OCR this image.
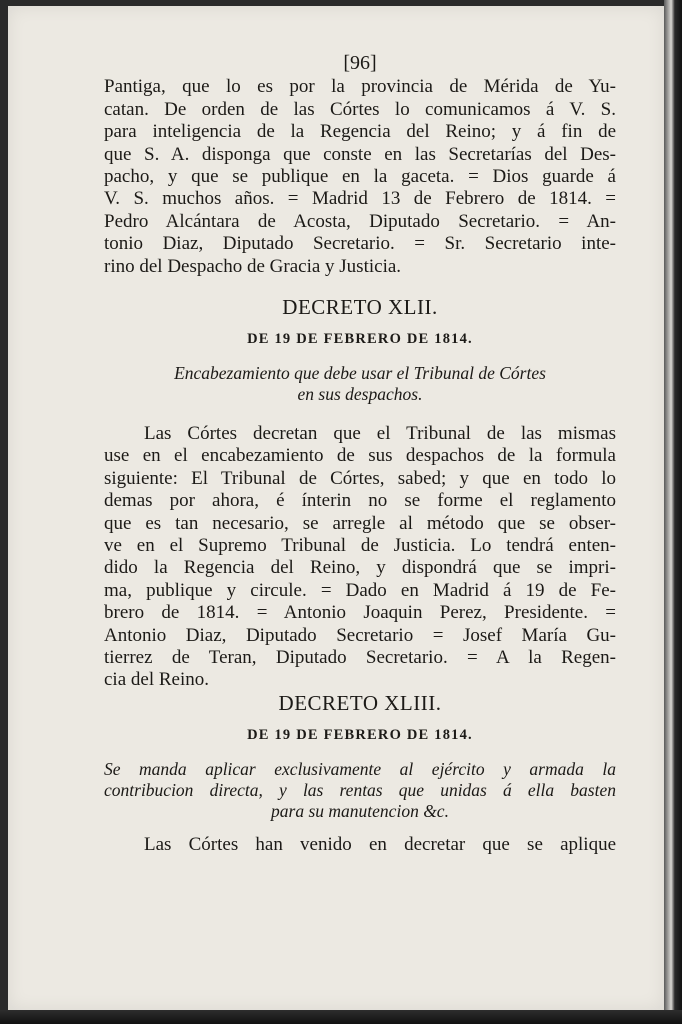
[96]
Pantiga, que lo es por la provincia de Mérida de Yu-
catan. De orden de las Córtes lo comunicamos á V. S.
para inteligencia de la Regencia del Reino; y á fin de
que S. A. disponga que conste en las Secretarías del Des-
pacho, y que se publique en la gaceta. = Dios guarde á
V. S. muchos años. = Madrid 13 de Febrero de 1814. =
Pedro Alcántara de Acosta, Diputado Secretario. = An-
tonio Diaz, Diputado Secretario. = Sr. Secretario inte-
rino del Despacho de Gracia y Justicia.
DECRETO XLII.
DE 19 DE FEBRERO DE 1814.
Encabezamiento que debe usar el Tribunal de Córtes
en sus despachos.
Las Córtes decretan que el Tribunal de las mismas
use en el encabezamiento de sus despachos de la formula
siguiente: El Tribunal de Córtes, sabed; y que en todo lo
demas por ahora, é ínterin no se forme el reglamento
que es tan necesario, se arregle al método que se obser-
ve en el Supremo Tribunal de Justicia. Lo tendrá enten-
dido la Regencia del Reino, y dispondrá que se impri-
ma, publique y circule. = Dado en Madrid á 19 de Fe-
brero de 1814. = Antonio Joaquin Perez, Presidente. =
Antonio Diaz, Diputado Secretario = Josef María Gu-
tierrez de Teran, Diputado Secretario. = A la Regen-
cia del Reino.
DECRETO XLIII.
DE 19 DE FEBRERO DE 1814.
Se manda aplicar exclusivamente al ejército y armada la
contribucion directa, y las rentas que unidas á ella basten
para su manutencion &c.
Las Córtes han venido en decretar que se aplique
